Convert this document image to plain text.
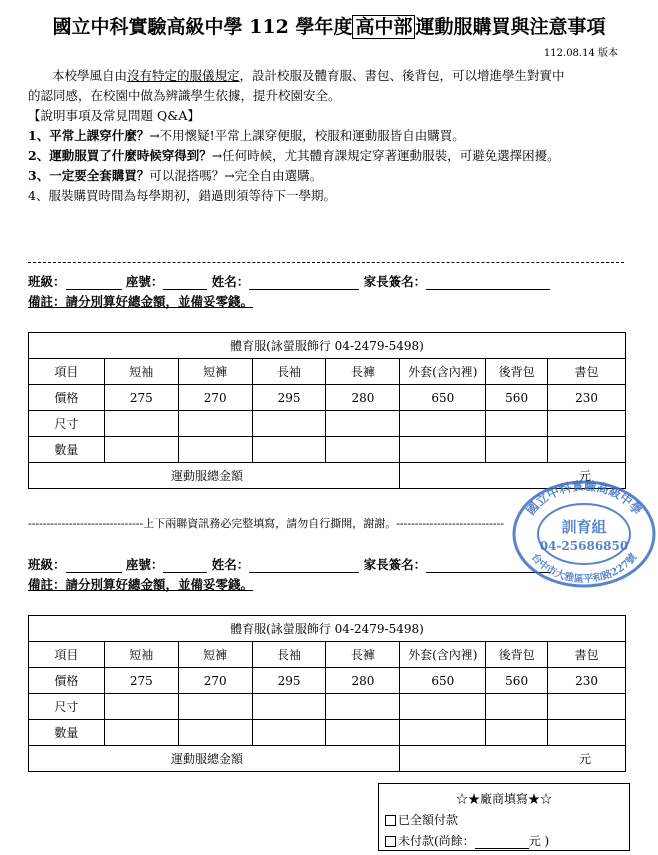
國立中科實驗高級中學 112 學年度 高中部 運動服購買與注意事項
112.08.14 版本
本校學風自由沒有特定的服儀規定，設計校服及體育服、書包、後背包，可以增進學生對實中
的認同感，在校園中做為辨識學生依據，提升校園安全。
【說明事項及常見問題 Q&A】
1、平常上課穿什麼？→不用懷疑!平常上課穿便服，校服和運動服皆自由購買。
2、運動服買了什麼時候穿得到？→任何時候，尤其體育課規定穿著運動服裝，可避免選擇困擾。
3、一定要全套購買？可以混搭嗎？→完全自由選購。
4、服裝購買時間為每學期初，錯過則須等待下一學期。
班級：	座號：	姓名：	家長簽名：
備註：請分別算好總金額，並備妥零錢。
體育服(詠螢服飾行 04-2479-5498)							
項目	短袖	短褲	長袖	長褲	外套(含內裡)	後背包	書包
價格	275	270	295	280	650	560	230
尺寸							
數量							
運動服總金額					元		
-------------------------------上下兩聯資訊務必完整填寫，請勿自行撕開，謝謝。-----------------------------
班級：	座號：	姓名：	家長簽名：
備註：請分別算好總金額，並備妥零錢。
體育服(詠螢服飾行 04-2479-5498)							
項目	短袖	短褲	長袖	長褲	外套(含內裡)	後背包	書包
價格	275	270	295	280	650	560	230
尺寸							
數量							
運動服總金額					元		
☆★廠商填寫★☆
已全額付款
未付款(尚餘：	元 )
國立中科實驗高級中學
台中市大雅區平和路227號
訓育組
04-25686850
